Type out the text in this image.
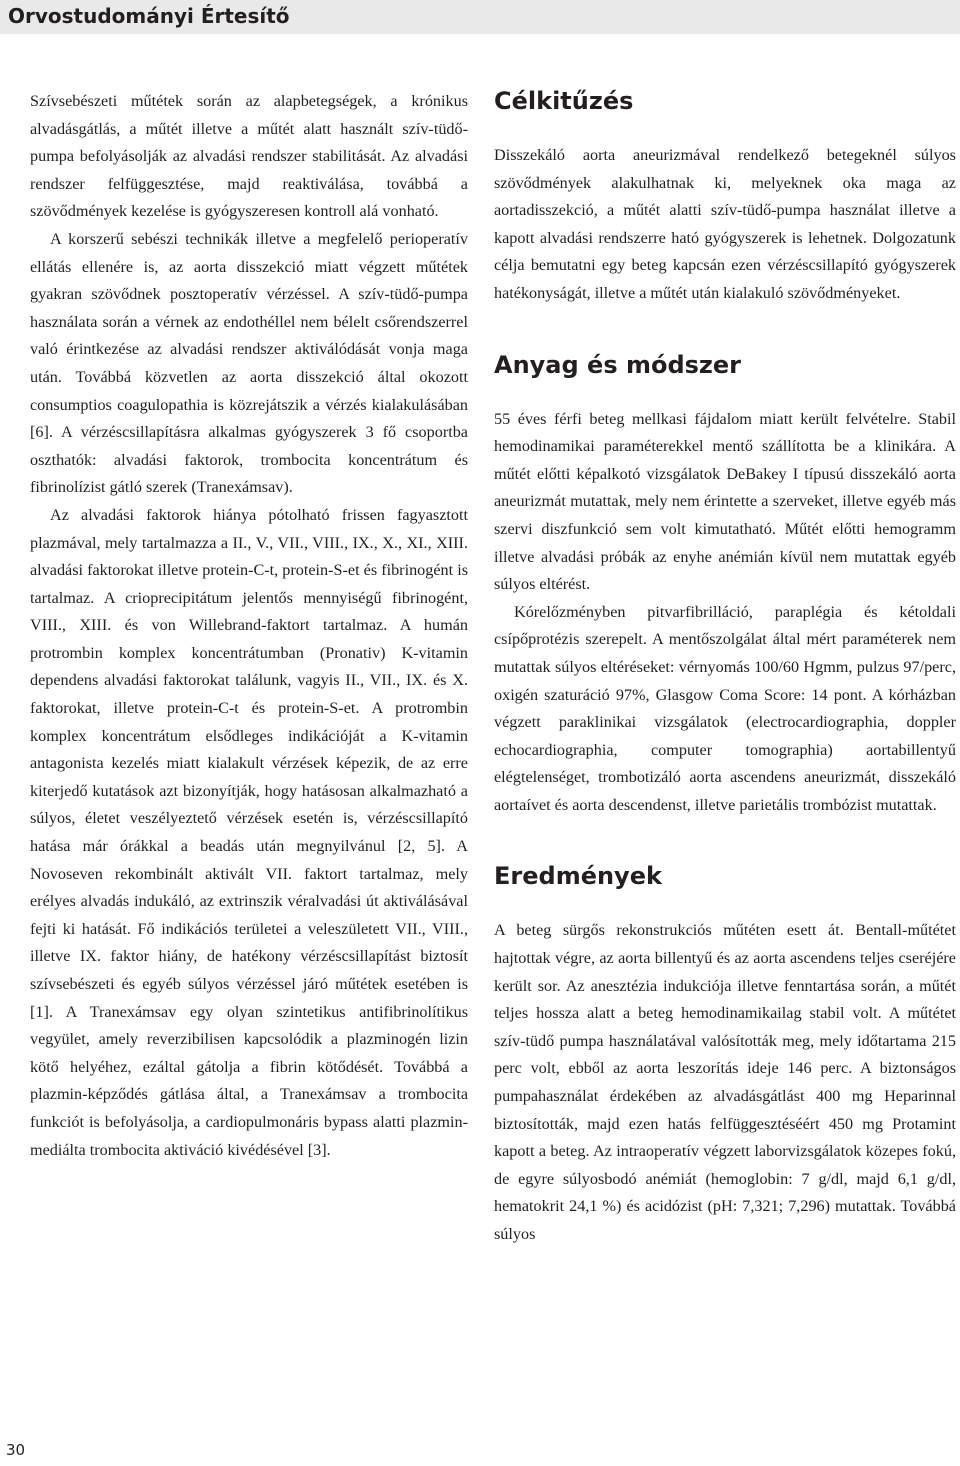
Orvostudományi Értesítő

Szívsebészeti műtétek során az alapbetegségek, a krónikus alvadásgátlás, a műtét illetve a műtét alatt használt szív-tüdő-pumpa befolyásolják az alvadási rendszer stabilitását. Az alvadási rendszer felfüggesztése, majd reaktiválása, továbbá a szövődmények kezelése is gyógyszeresen kontroll alá vonható.

A korszerű sebészi technikák illetve a megfelelő perioperatív ellátás ellenére is, az aorta disszekció miatt végzett műtétek gyakran szövődnek posztoperatív vérzéssel. A szív-tüdő-pumpa használata során a vérnek az endothéllel nem bélelt csőrendszerrel való érintkezése az alvadási rendszer aktiválódását vonja maga után. Továbbá közvetlen az aorta disszekció által okozott consumptios coagulopathia is közrejátszik a vérzés kialakulásában [6]. A vérzéscsillapításra alkalmas gyógyszerek 3 fő csoportba oszthatók: alvadási faktorok, trombocita koncentrátum és fibrinolízist gátló szerek (Tranexámsav).

Az alvadási faktorok hiánya pótolható frissen fagyasztott plazmával, mely tartalmazza a II., V., VII., VIII., IX., X., XI., XIII. alvadási faktorokat illetve protein-C-t, protein-S-et és fibrinogént is tartalmaz. A crioprecipitátum jelentős mennyiségű fibrinogént, VIII., XIII. és von Willebrand-faktort tartalmaz. A humán protrombin komplex koncentrátumban (Pronativ) K-vitamin dependens alvadási faktorokat találunk, vagyis II., VII., IX. és X. faktorokat, illetve protein-C-t és protein-S-et. A protrombin komplex koncentrátum elsődleges indikációját a K-vitamin antagonista kezelés miatt kialakult vérzések képezik, de az erre kiterjedő kutatások azt bizonyítják, hogy hatásosan alkalmazható a súlyos, életet veszélyeztető vérzések esetén is, vérzéscsillapító hatása már órákkal a beadás után megnyilvánul [2, 5]. A Novoseven rekombinált aktivált VII. faktort tartalmaz, mely erélyes alvadás indukáló, az extrinszik véralvadási út aktiválásával fejti ki hatását. Fő indikációs területei a veleszületett VII., VIII., illetve IX. faktor hiány, de hatékony vérzéscsillapítást biztosít szívsebészeti és egyéb súlyos vérzéssel járó műtétek esetében is [1]. A Tranexámsav egy olyan szintetikus antifibrinolítikus vegyület, amely reverzibilisen kapcsolódik a plazminogén lizin kötő helyéhez, ezáltal gátolja a fibrin kötődését. Továbbá a plazmin-képződés gátlása által, a Tranexámsav a trombocita funkciót is befolyásolja, a cardiopulmonáris bypass alatti plazmin-mediálta trombocita aktiváció kivédésével [3].

Célkitűzés

Disszekáló aorta aneurizmával rendelkező betegeknél súlyos szövődmények alakulhatnak ki, melyeknek oka maga az aortadisszekció, a műtét alatti szív-tüdő-pumpa használat illetve a kapott alvadási rendszerre ható gyógyszerek is lehetnek. Dolgozatunk célja bemutatni egy beteg kapcsán ezen vérzéscsillapító gyógyszerek hatékonyságát, illetve a műtét után kialakuló szövődményeket.

Anyag és módszer

55 éves férfi beteg mellkasi fájdalom miatt került felvételre. Stabil hemodinamikai paraméterekkel mentő szállította be a klinikára. A műtét előtti képalkotó vizsgálatok DeBakey I típusú disszekáló aorta aneurizmát mutattak, mely nem érintette a szerveket, illetve egyéb más szervi diszfunkció sem volt kimutatható. Műtét előtti hemogramm illetve alvadási próbák az enyhe anémián kívül nem mutattak egyéb súlyos eltérést.

Kórelőzményben pitvarfibrilláció, paraplégia és kétoldali csípőprotézis szerepelt. A mentőszolgálat által mért paraméterek nem mutattak súlyos eltéréseket: vérnyomás 100/60 Hgmm, pulzus 97/perc, oxigén szaturáció 97%, Glasgow Coma Score: 14 pont. A kórházban végzett paraklinikai vizsgálatok (electrocardiographia, doppler echocardiographia, computer tomographia) aortabillentyű elégtelenséget, trombotizáló aorta ascendens aneurizmát, disszekáló aortaívet és aorta descendenst, illetve parietális trombózist mutattak.

Eredmények

A beteg sürgős rekonstrukciós műtéten esett át. Bentall-műtétet hajtottak végre, az aorta billentyű és az aorta ascendens teljes cseréjére került sor. Az anesztézia indukciója illetve fenntartása során, a műtét teljes hossza alatt a beteg hemodinamikailag stabil volt. A műtétet szív-tüdő pumpa használatával valósították meg, mely időtartama 215 perc volt, ebből az aorta leszorítás ideje 146 perc. A biztonságos pumpahasználat érdekében az alvadásgátlást 400 mg Heparinnal biztosították, majd ezen hatás felfüggesztéséért 450 mg Protamint kapott a beteg. Az intraoperatív végzett laborvizsgálatok közepes fokú, de egyre súlyosbodó anémiát (hemoglobin: 7 g/dl, majd 6,1 g/dl, hematokrit 24,1 %) és acidózist (pH: 7,321; 7,296) mutattak. Továbbá súlyos

30
